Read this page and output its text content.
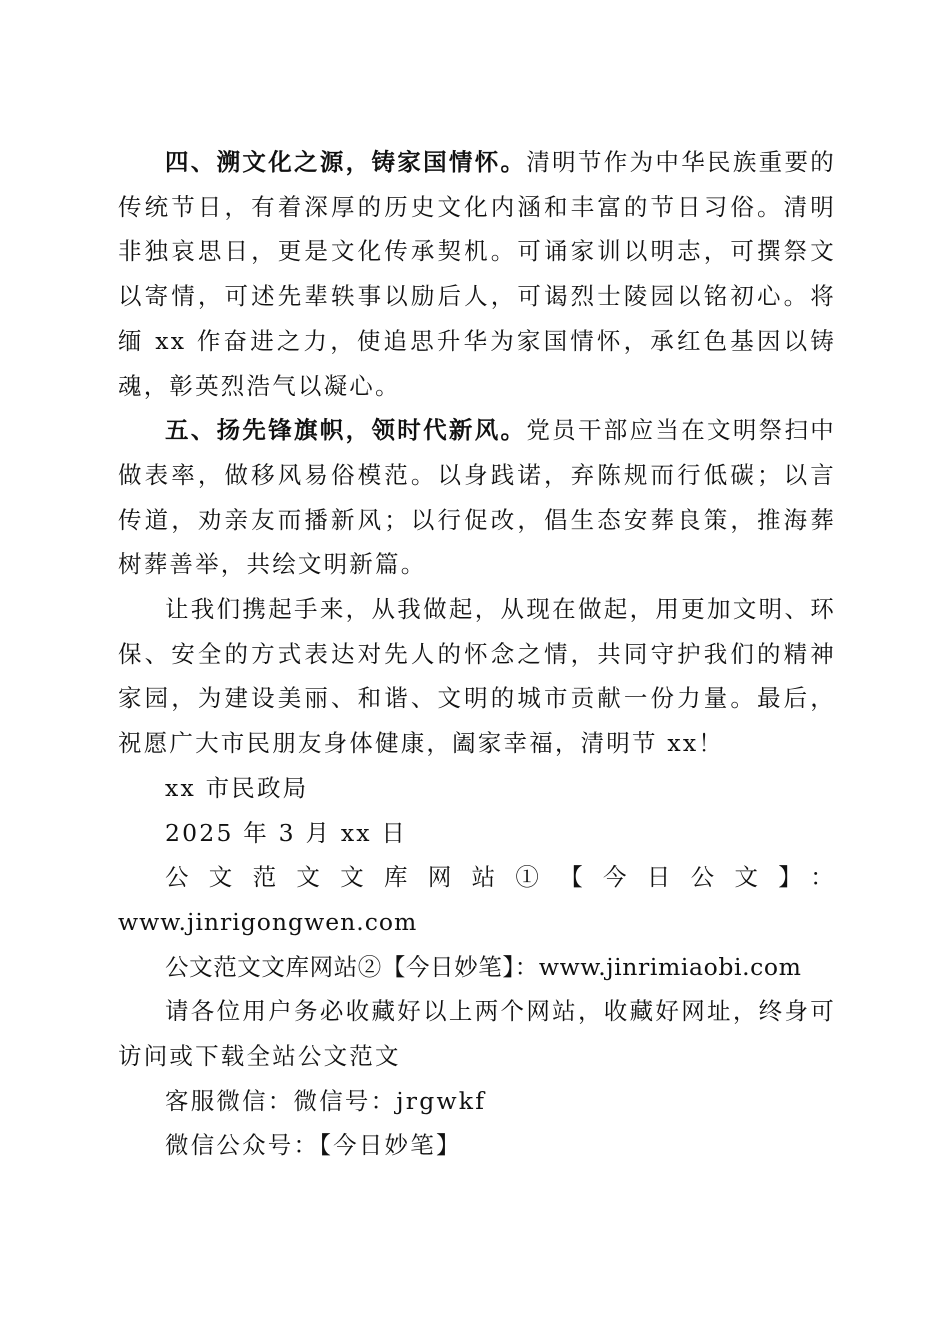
四、溯文化之源，铸家国情怀。清明节作为中华民族重要的传统节日，有着深厚的历史文化内涵和丰富的节日习俗。清明非独哀思日，更是文化传承契机。可诵家训以明志，可撰祭文以寄情，可述先辈轶事以励后人，可谒烈士陵园以铭初心。将缅 xx 作奋进之力，使追思升华为家国情怀，承红色基因以铸魂，彰英烈浩气以凝心。

五、扬先锋旗帜，领时代新风。党员干部应当在文明祭扫中做表率，做移风易俗模范。以身践诺，弃陈规而行低碳；以言传道，劝亲友而播新风；以行促改，倡生态安葬良策，推海葬树葬善举，共绘文明新篇。

让我们携起手来，从我做起，从现在做起，用更加文明、环保、安全的方式表达对先人的怀念之情，共同守护我们的精神家园，为建设美丽、和谐、文明的城市贡献一份力量。最后，祝愿广大市民朋友身体健康，阖家幸福，清明节 xx！

xx 市民政局

2025 年 3 月 xx 日

公文范文文库网站①【今日公文】：

www.jinrigongwen.com

公文范文文库网站②【今日妙笔】：www.jinrimiaobi.com

请各位用户务必收藏好以上两个网站，收藏好网址，终身可访问或下载全站公文范文

客服微信：微信号：jrgwkf

微信公众号：【今日妙笔】
